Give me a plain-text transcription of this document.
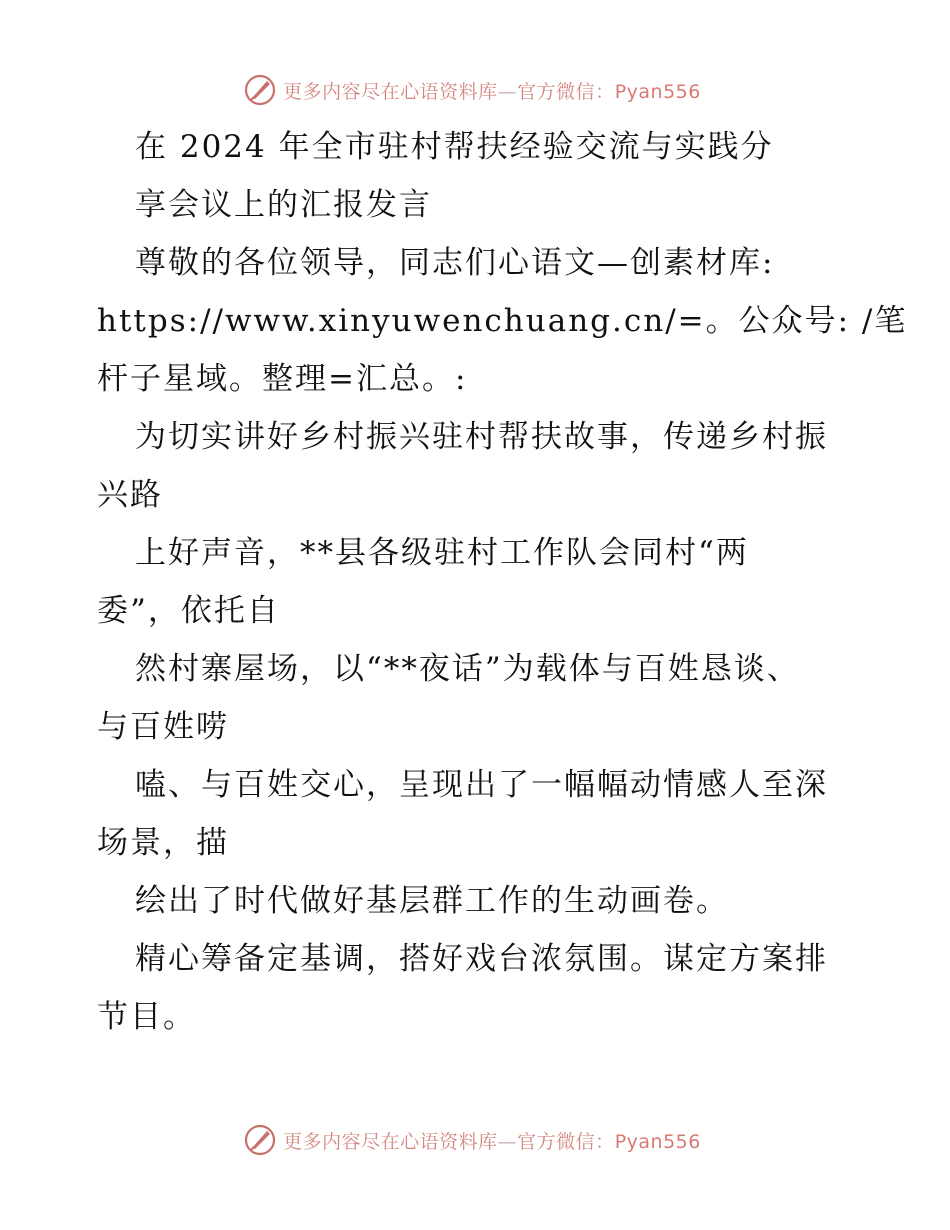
更多内容尽在心语资料库—官方微信：Pyan556
在 2024 年全市驻村帮扶经验交流与实践分
享会议上的汇报发言
尊敬的各位领导，同志们心语文—创素材库:
https://www.xinyuwenchuang.cn/=。公众号: /笔
杆子星域。整理=汇总。:
为切实讲好乡村振兴驻村帮扶故事，传递乡村振
兴路
上好声音，**县各级驻村工作队会同村“两
委”，依托自
然村寨屋场，以“**夜话”为载体与百姓恳谈、
与百姓唠
嗑、与百姓交心，呈现出了一幅幅动情感人至深
场景，描
绘出了时代做好基层群工作的生动画卷。
精心筹备定基调，搭好戏台浓氛围。谋定方案排
节目。
更多内容尽在心语资料库—官方微信：Pyan556
